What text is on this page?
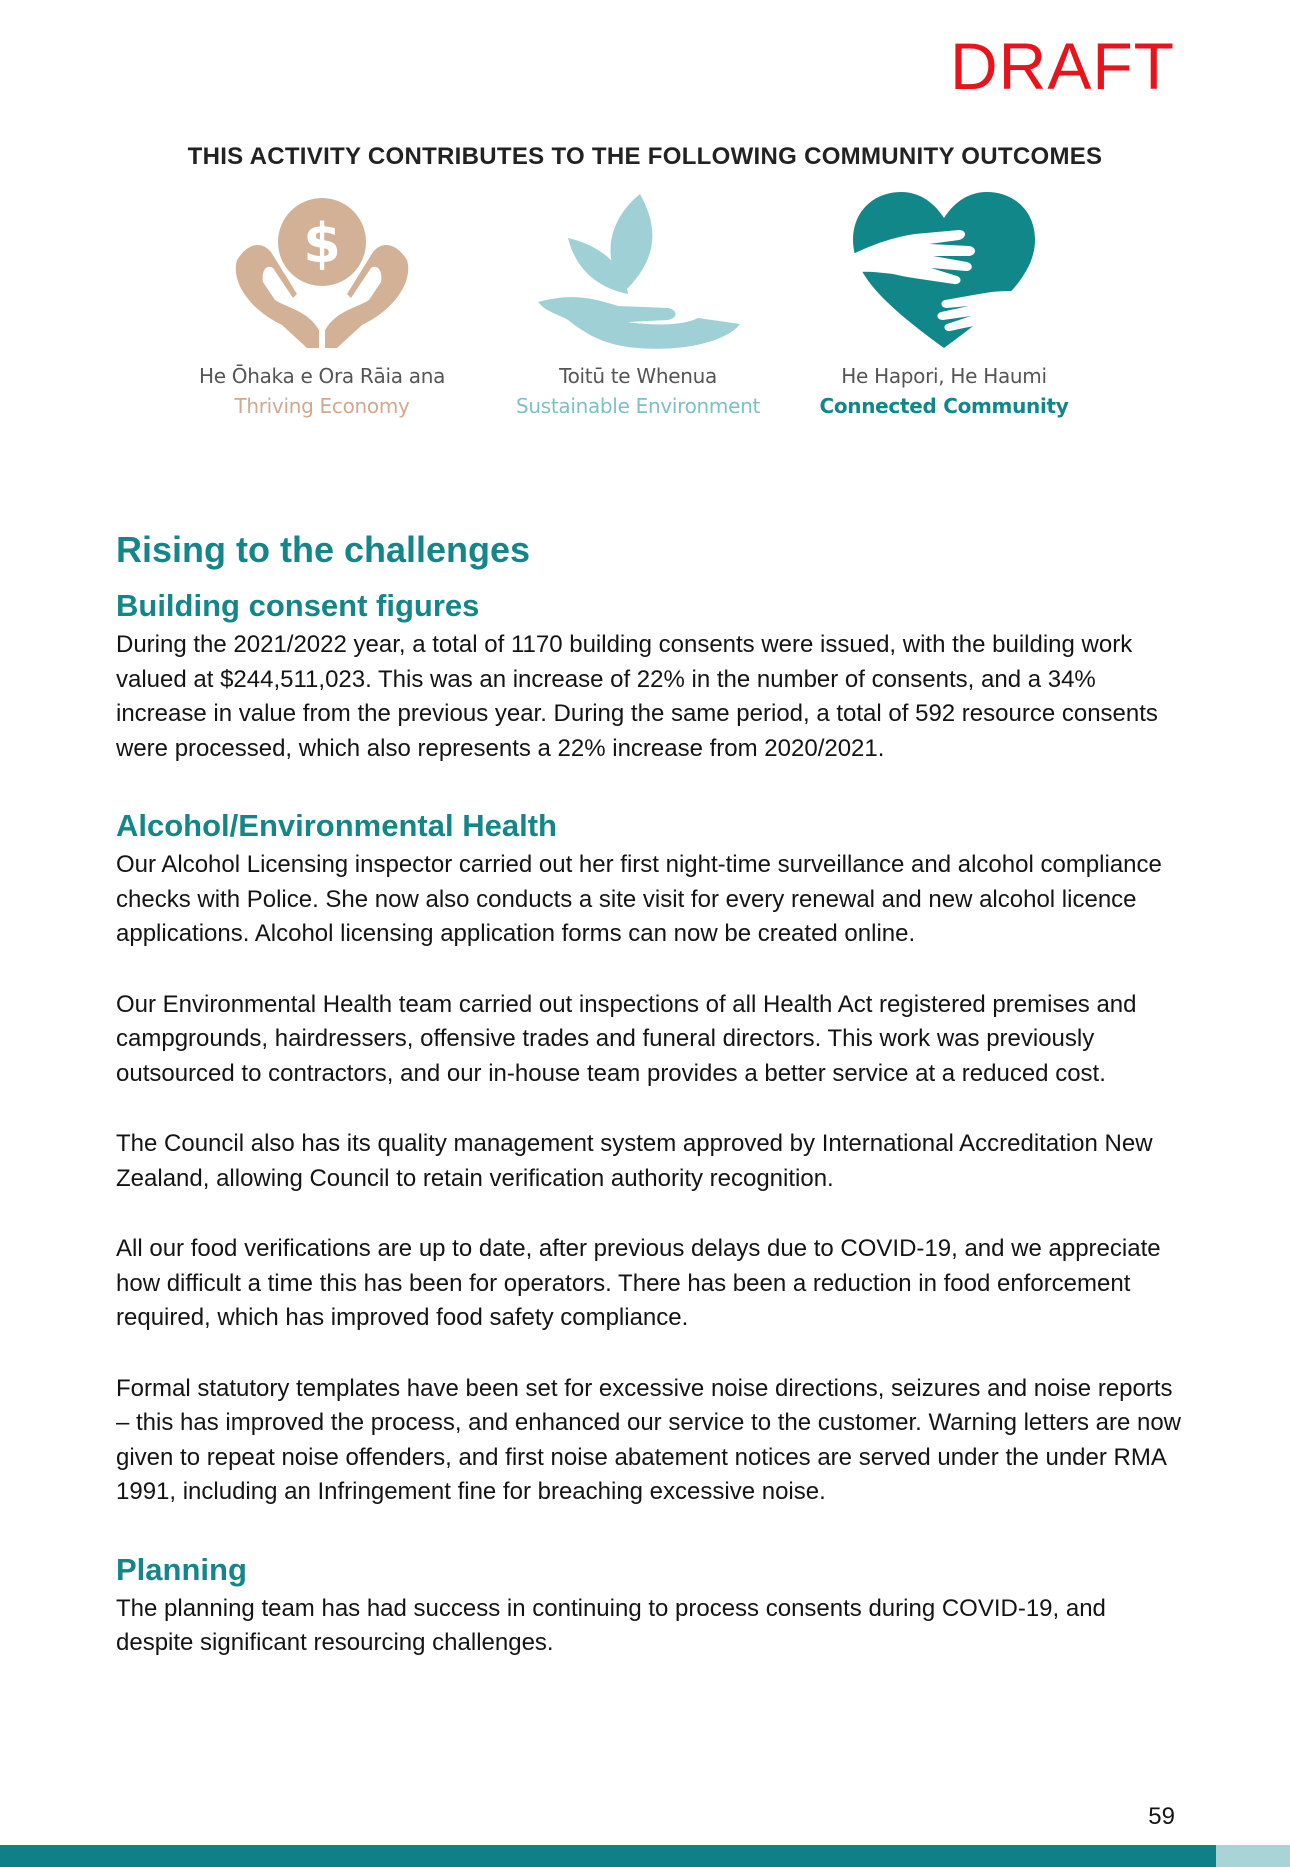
DRAFT
THIS ACTIVITY CONTRIBUTES TO THE FOLLOWING COMMUNITY OUTCOMES
$
He Ōhaka e Ora Rāia ana
Thriving Economy
Toitū te Whenua
Sustainable Environment
He Hapori, He Haumi
Connected Community
Rising to the challenges
Building consent figures

During the 2021/2022 year, a total of 1170 building consents were issued, with the building work valued at $244,511,023. This was an increase of 22% in the number of consents, and a 34% increase in value from the previous year. During the same period, a total of 592 resource consents were processed, which also represents a 22% increase from 2020/2021.

Alcohol/Environmental Health

Our Alcohol Licensing inspector carried out her first night-time surveillance and alcohol compliance checks with Police. She now also conducts a site visit for every renewal and new alcohol licence applications. Alcohol licensing application forms can now be created online.

Our Environmental Health team carried out inspections of all Health Act registered premises and campgrounds, hairdressers, offensive trades and funeral directors. This work was previously outsourced to contractors, and our in-house team provides a better service at a reduced cost.

The Council also has its quality management system approved by International Accreditation New Zealand, allowing Council to retain verification authority recognition.

All our food verifications are up to date, after previous delays due to COVID-19, and we appreciate how difficult a time this has been for operators. There has been a reduction in food enforcement required, which has improved food safety compliance.

Formal statutory templates have been set for excessive noise directions, seizures and noise reports – this has improved the process, and enhanced our service to the customer. Warning letters are now given to repeat noise offenders, and first noise abatement notices are served under the under RMA 1991, including an Infringement fine for breaching excessive noise.

Planning

The planning team has had success in continuing to process consents during COVID-19, and despite significant resourcing challenges.

59
